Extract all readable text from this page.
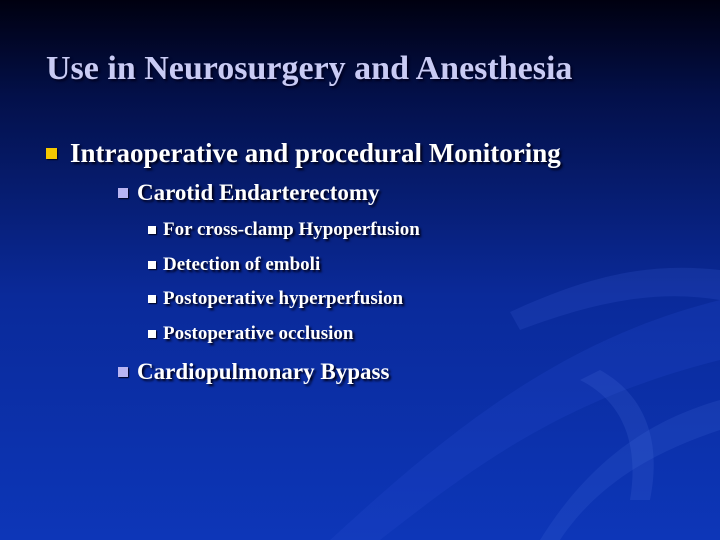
Use in Neurosurgery and Anesthesia
Intraoperative and procedural Monitoring
Carotid Endarterectomy
For cross-clamp Hypoperfusion
Detection of emboli
Postoperative hyperperfusion
Postoperative occlusion
Cardiopulmonary Bypass
